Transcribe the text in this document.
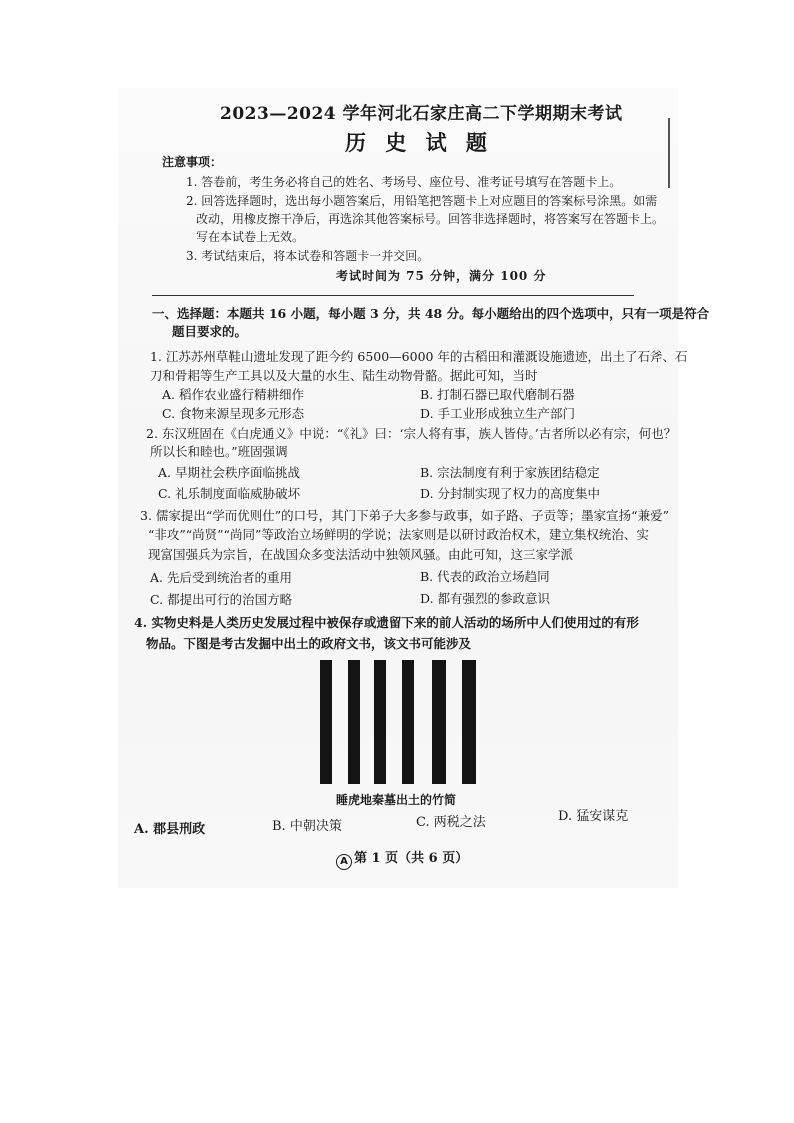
2023—2024 学年河北石家庄高二下学期期末考试
历 史 试 题
注意事项：
1. 答卷前，考生务必将自己的姓名、考场号、座位号、准考证号填写在答题卡上。
2. 回答选择题时，选出每小题答案后，用铅笔把答题卡上对应题目的答案标号涂黑。如需
改动，用橡皮擦干净后，再选涂其他答案标号。回答非选择题时，将答案写在答题卡上。
写在本试卷上无效。
3. 考试结束后，将本试卷和答题卡一并交回。
考试时间为 75 分钟，满分 100 分
一、选择题：本题共 16 小题，每小题 3 分，共 48 分。每小题给出的四个选项中，只有一项是符合
题目要求的。
1. 江苏苏州草鞋山遗址发现了距今约 6500—6000 年的古稻田和灌溉设施遗迹，出土了石斧、石
刀和骨耜等生产工具以及大量的水生、陆生动物骨骼。据此可知，当时
A. 稻作农业盛行精耕细作	B. 打制石器已取代磨制石器
C. 食物来源呈现多元形态	D. 手工业形成独立生产部门
2. 东汉班固在《白虎通义》中说：“《礼》曰：‘宗人将有事，族人皆侍。’古者所以必有宗，何也？
所以长和睦也。”班固强调
A. 早期社会秩序面临挑战	B. 宗法制度有利于家族团结稳定
C. 礼乐制度面临威胁破坏	D. 分封制实现了权力的高度集中
3. 儒家提出“学而优则仕”的口号，其门下弟子大多参与政事，如子路、子贡等；墨家宣扬“兼爱”
“非攻”“尚贤”“尚同”等政治立场鲜明的学说；法家则是以研讨政治权术，建立集权统治、实
现富国强兵为宗旨，在战国众多变法活动中独领风骚。由此可知，这三家学派
A. 先后受到统治者的重用	B. 代表的政治立场趋同
C. 都提出可行的治国方略	D. 都有强烈的参政意识
4. 实物史料是人类历史发展过程中被保存或遗留下来的前人活动的场所中人们使用过的有形
物品。下图是考古发掘中出土的政府文书，该文书可能涉及
睡虎地秦墓出土的竹简
A. 郡县刑政	B. 中朝决策	C. 两税之法	D. 猛安谋克
A 第 1 页（共 6 页）
